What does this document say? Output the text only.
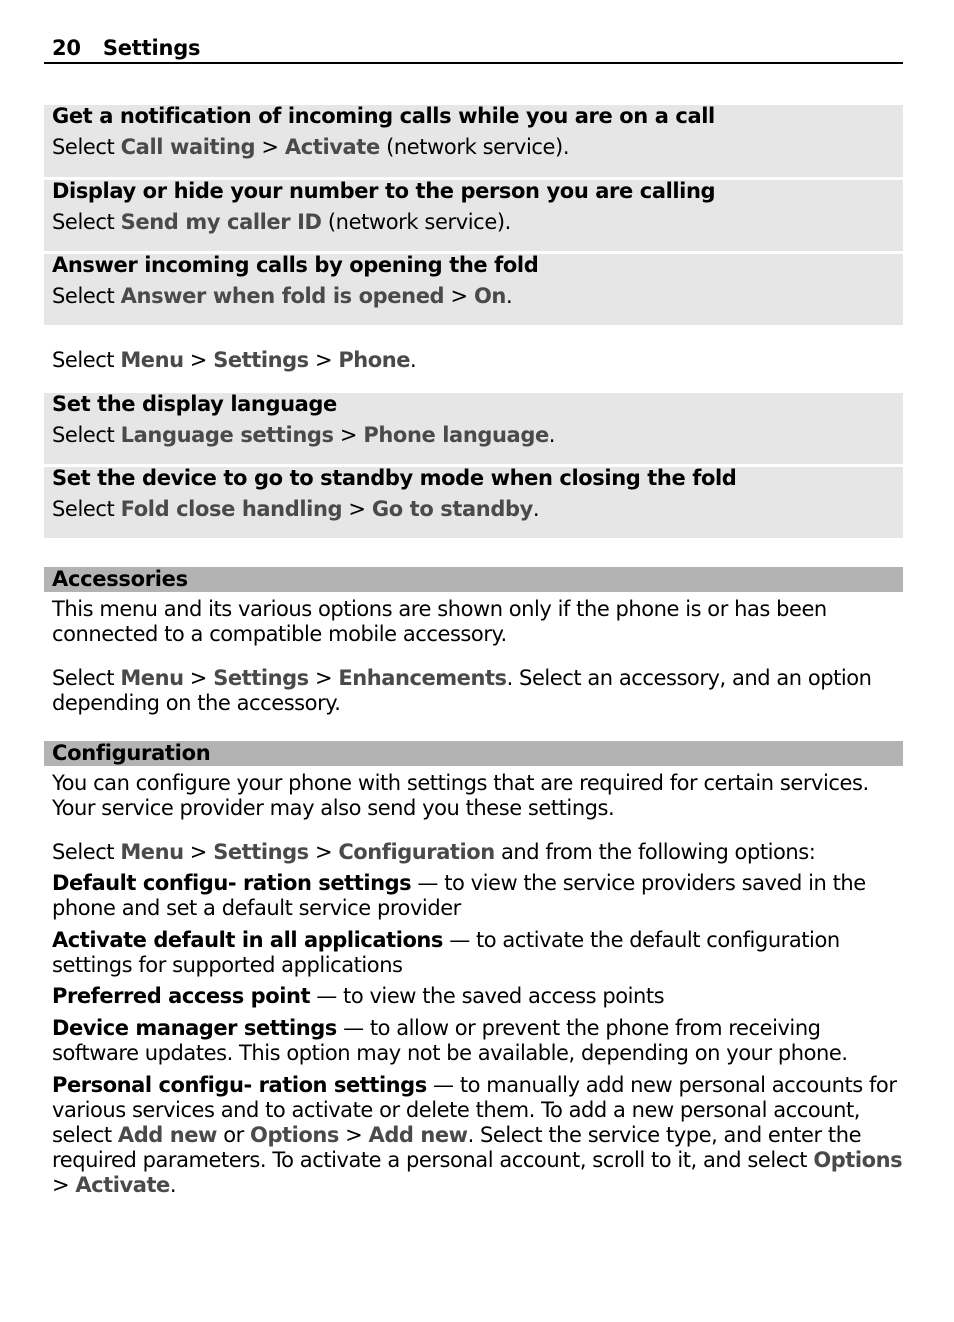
20 Settings
Get a notification of incoming calls while you are on a call
Select Call waiting > Activate (network service).
Display or hide your number to the person you are calling
Select Send my caller ID (network service).
Answer incoming calls by opening the fold
Select Answer when fold is opened > On.
Select Menu > Settings > Phone.
Set the display language
Select Language settings > Phone language.
Set the device to go to standby mode when closing the fold
Select Fold close handling > Go to standby.
Accessories
This menu and its various options are shown only if the phone is or has been connected to a compatible mobile accessory.
Select Menu > Settings > Enhancements. Select an accessory, and an option depending on the accessory.
Configuration
You can configure your phone with settings that are required for certain services. Your service provider may also send you these settings.
Select Menu > Settings > Configuration and from the following options:
Default configu- ration settings — to view the service providers saved in the phone and set a default service provider
Activate default in all applications — to activate the default configuration settings for supported applications
Preferred access point — to view the saved access points
Device manager settings — to allow or prevent the phone from receiving software updates. This option may not be available, depending on your phone.
Personal configu- ration settings — to manually add new personal accounts for various services and to activate or delete them. To add a new personal account, select Add new or Options > Add new. Select the service type, and enter the required parameters. To activate a personal account, scroll to it, and select Options > Activate.
